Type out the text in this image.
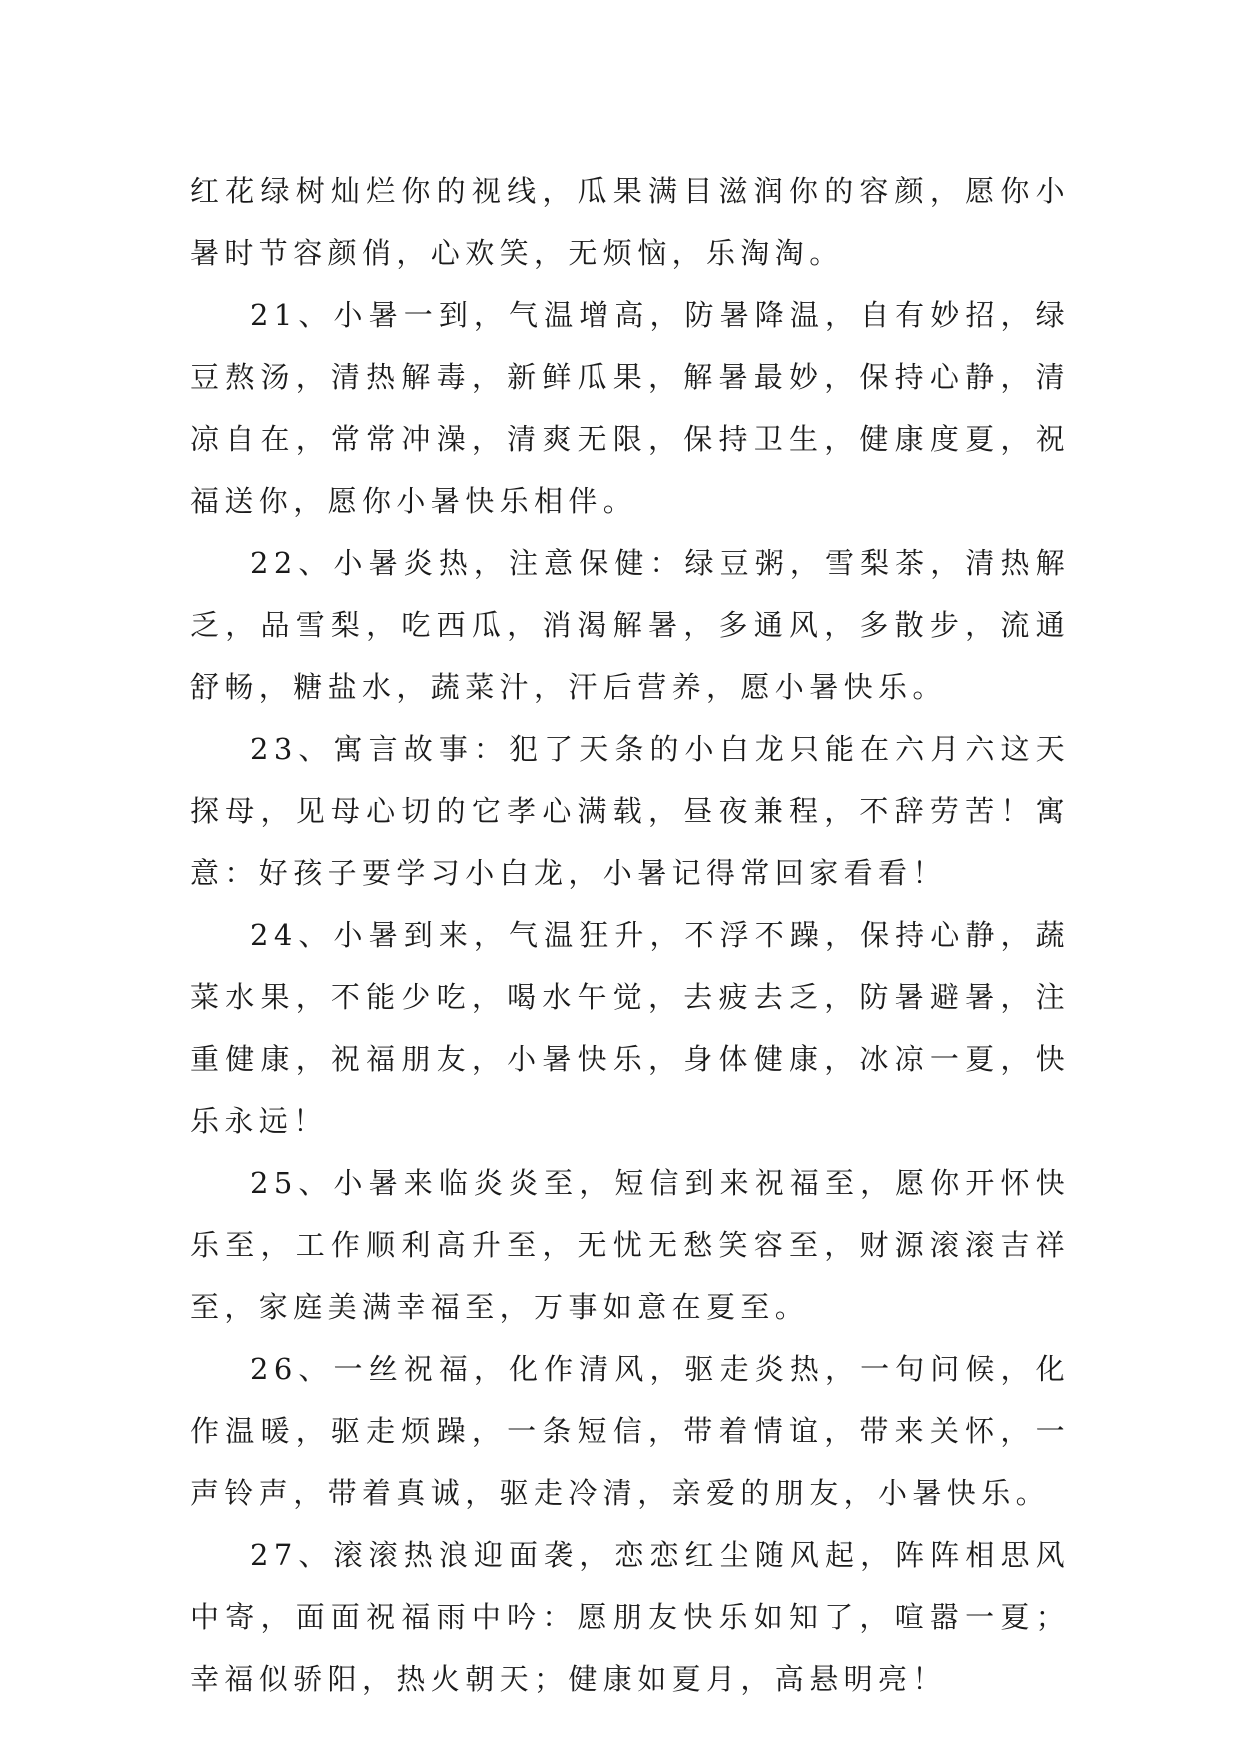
红花绿树灿烂你的视线，瓜果满目滋润你的容颜，愿你小暑时节容颜俏，心欢笑，无烦恼，乐淘淘。

21、小暑一到，气温增高，防暑降温，自有妙招，绿豆熬汤，清热解毒，新鲜瓜果，解暑最妙，保持心静，清凉自在，常常冲澡，清爽无限，保持卫生，健康度夏，祝福送你，愿你小暑快乐相伴。

22、小暑炎热，注意保健：绿豆粥，雪梨茶，清热解乏，品雪梨，吃西瓜，消渴解暑，多通风，多散步，流通舒畅，糖盐水，蔬菜汁，汗后营养，愿小暑快乐。

23、寓言故事：犯了天条的小白龙只能在六月六这天探母，见母心切的它孝心满载，昼夜兼程，不辞劳苦！寓意：好孩子要学习小白龙，小暑记得常回家看看！

24、小暑到来，气温狂升，不浮不躁，保持心静，蔬菜水果，不能少吃，喝水午觉，去疲去乏，防暑避暑，注重健康，祝福朋友，小暑快乐，身体健康，冰凉一夏，快乐永远！

25、小暑来临炎炎至，短信到来祝福至，愿你开怀快乐至，工作顺利高升至，无忧无愁笑容至，财源滚滚吉祥至，家庭美满幸福至，万事如意在夏至。

26、一丝祝福，化作清风，驱走炎热，一句问候，化作温暖，驱走烦躁，一条短信，带着情谊，带来关怀，一声铃声，带着真诚，驱走冷清，亲爱的朋友，小暑快乐。

27、滚滚热浪迎面袭，恋恋红尘随风起，阵阵相思风中寄，面面祝福雨中吟：愿朋友快乐如知了，喧嚣一夏；幸福似骄阳，热火朝天；健康如夏月，高悬明亮！
